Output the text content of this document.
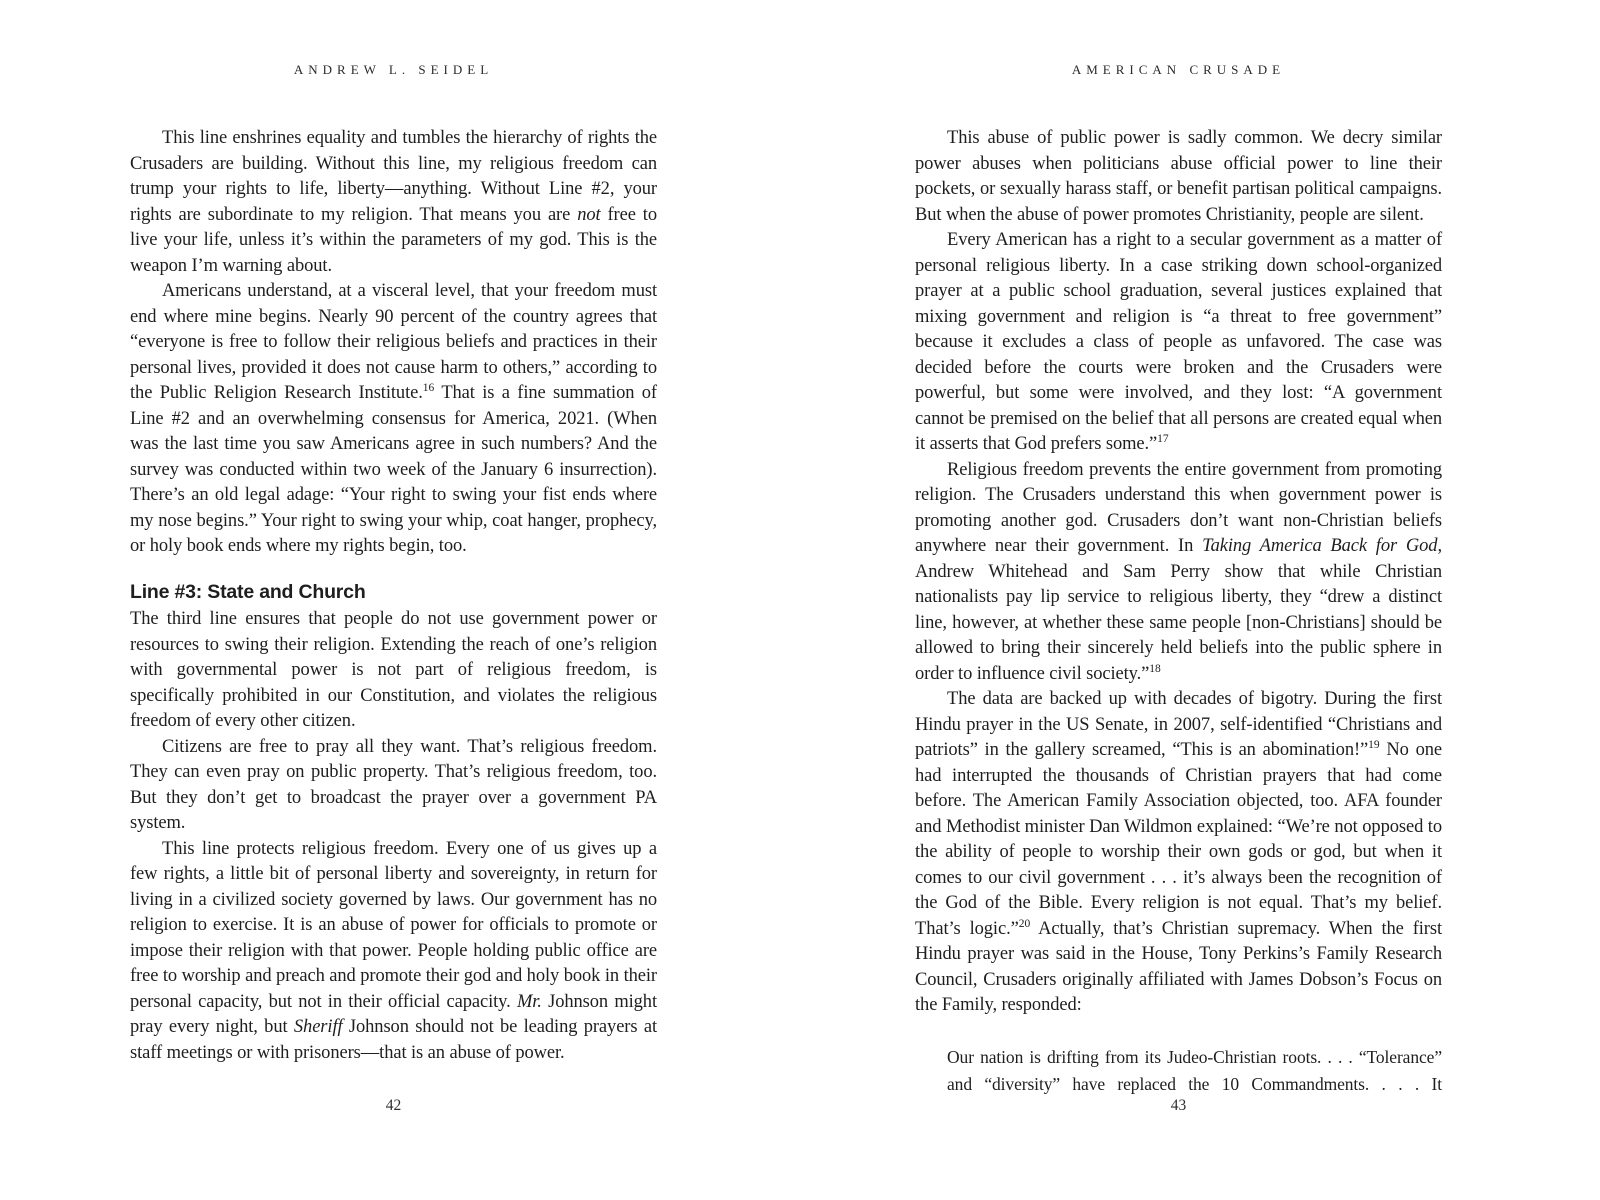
ANDREW L. SEIDEL

This line enshrines equality and tumbles the hierarchy of rights the Crusaders are building. Without this line, my religious freedom can trump your rights to life, liberty—anything. Without Line #2, your rights are subordinate to my religion. That means you are not free to live your life, unless it’s within the parameters of my god. This is the weapon I’m warning about.

Americans understand, at a visceral level, that your freedom must end where mine begins. Nearly 90 percent of the country agrees that “everyone is free to follow their religious beliefs and practices in their personal lives, provided it does not cause harm to others,” according to the Public Religion Research Institute.$^{16}$ That is a fine summation of Line #2 and an overwhelming consensus for America, 2021. (When was the last time you saw Americans agree in such numbers? And the survey was conducted within two week of the January 6 insurrection). There’s an old legal adage: “Your right to swing your fist ends where my nose begins.” Your right to swing your whip, coat hanger, prophecy, or holy book ends where my rights begin, too.

Line #3: State and Church

The third line ensures that people do not use government power or resources to swing their religion. Extending the reach of one’s religion with governmental power is not part of religious freedom, is specifically prohibited in our Constitution, and violates the religious freedom of every other citizen.

Citizens are free to pray all they want. That’s religious freedom. They can even pray on public property. That’s religious freedom, too. But they don’t get to broadcast the prayer over a government PA system.

This line protects religious freedom. Every one of us gives up a few rights, a little bit of personal liberty and sovereignty, in return for living in a civilized society governed by laws. Our government has no religion to exercise. It is an abuse of power for officials to promote or impose their religion with that power. People holding public office are free to worship and preach and promote their god and holy book in their personal capacity, but not in their official capacity. Mr. Johnson might pray every night, but Sheriff Johnson should not be leading prayers at staff meetings or with prisoners—that is an abuse of power.

42
AMERICAN CRUSADE

This abuse of public power is sadly common. We decry similar power abuses when politicians abuse official power to line their pockets, or sexually harass staff, or benefit partisan political campaigns. But when the abuse of power promotes Christianity, people are silent.

Every American has a right to a secular government as a matter of personal religious liberty. In a case striking down school-organized prayer at a public school graduation, several justices explained that mixing government and religion is “a threat to free government” because it excludes a class of people as unfavored. The case was decided before the courts were broken and the Crusaders were powerful, but some were involved, and they lost: “A government cannot be premised on the belief that all persons are created equal when it asserts that God prefers some.”$^{17}$

Religious freedom prevents the entire government from promoting religion. The Crusaders understand this when government power is promoting another god. Crusaders don’t want non-Christian beliefs anywhere near their government. In Taking America Back for God, Andrew Whitehead and Sam Perry show that while Christian nationalists pay lip service to religious liberty, they “drew a distinct line, however, at whether these same people [non-Christians] should be allowed to bring their sincerely held beliefs into the public sphere in order to influence civil society.”$^{18}$

The data are backed up with decades of bigotry. During the first Hindu prayer in the US Senate, in 2007, self-identified “Christians and patriots” in the gallery screamed, “This is an abomination!”$^{19}$ No one had interrupted the thousands of Christian prayers that had come before. The American Family Association objected, too. AFA founder and Methodist minister Dan Wildmon explained: “We’re not opposed to the ability of people to worship their own gods or god, but when it comes to our civil government . . . it’s always been the recognition of the God of the Bible. Every religion is not equal. That’s my belief. That’s logic.”$^{20}$ Actually, that’s Christian supremacy. When the first Hindu prayer was said in the House, Tony Perkins’s Family Research Council, Crusaders originally affiliated with James Dobson’s Focus on the Family, responded:

Our nation is drifting from its Judeo-Christian roots. . . . “Tolerance” and “diversity” have replaced the 10 Commandments. . . . It

43
